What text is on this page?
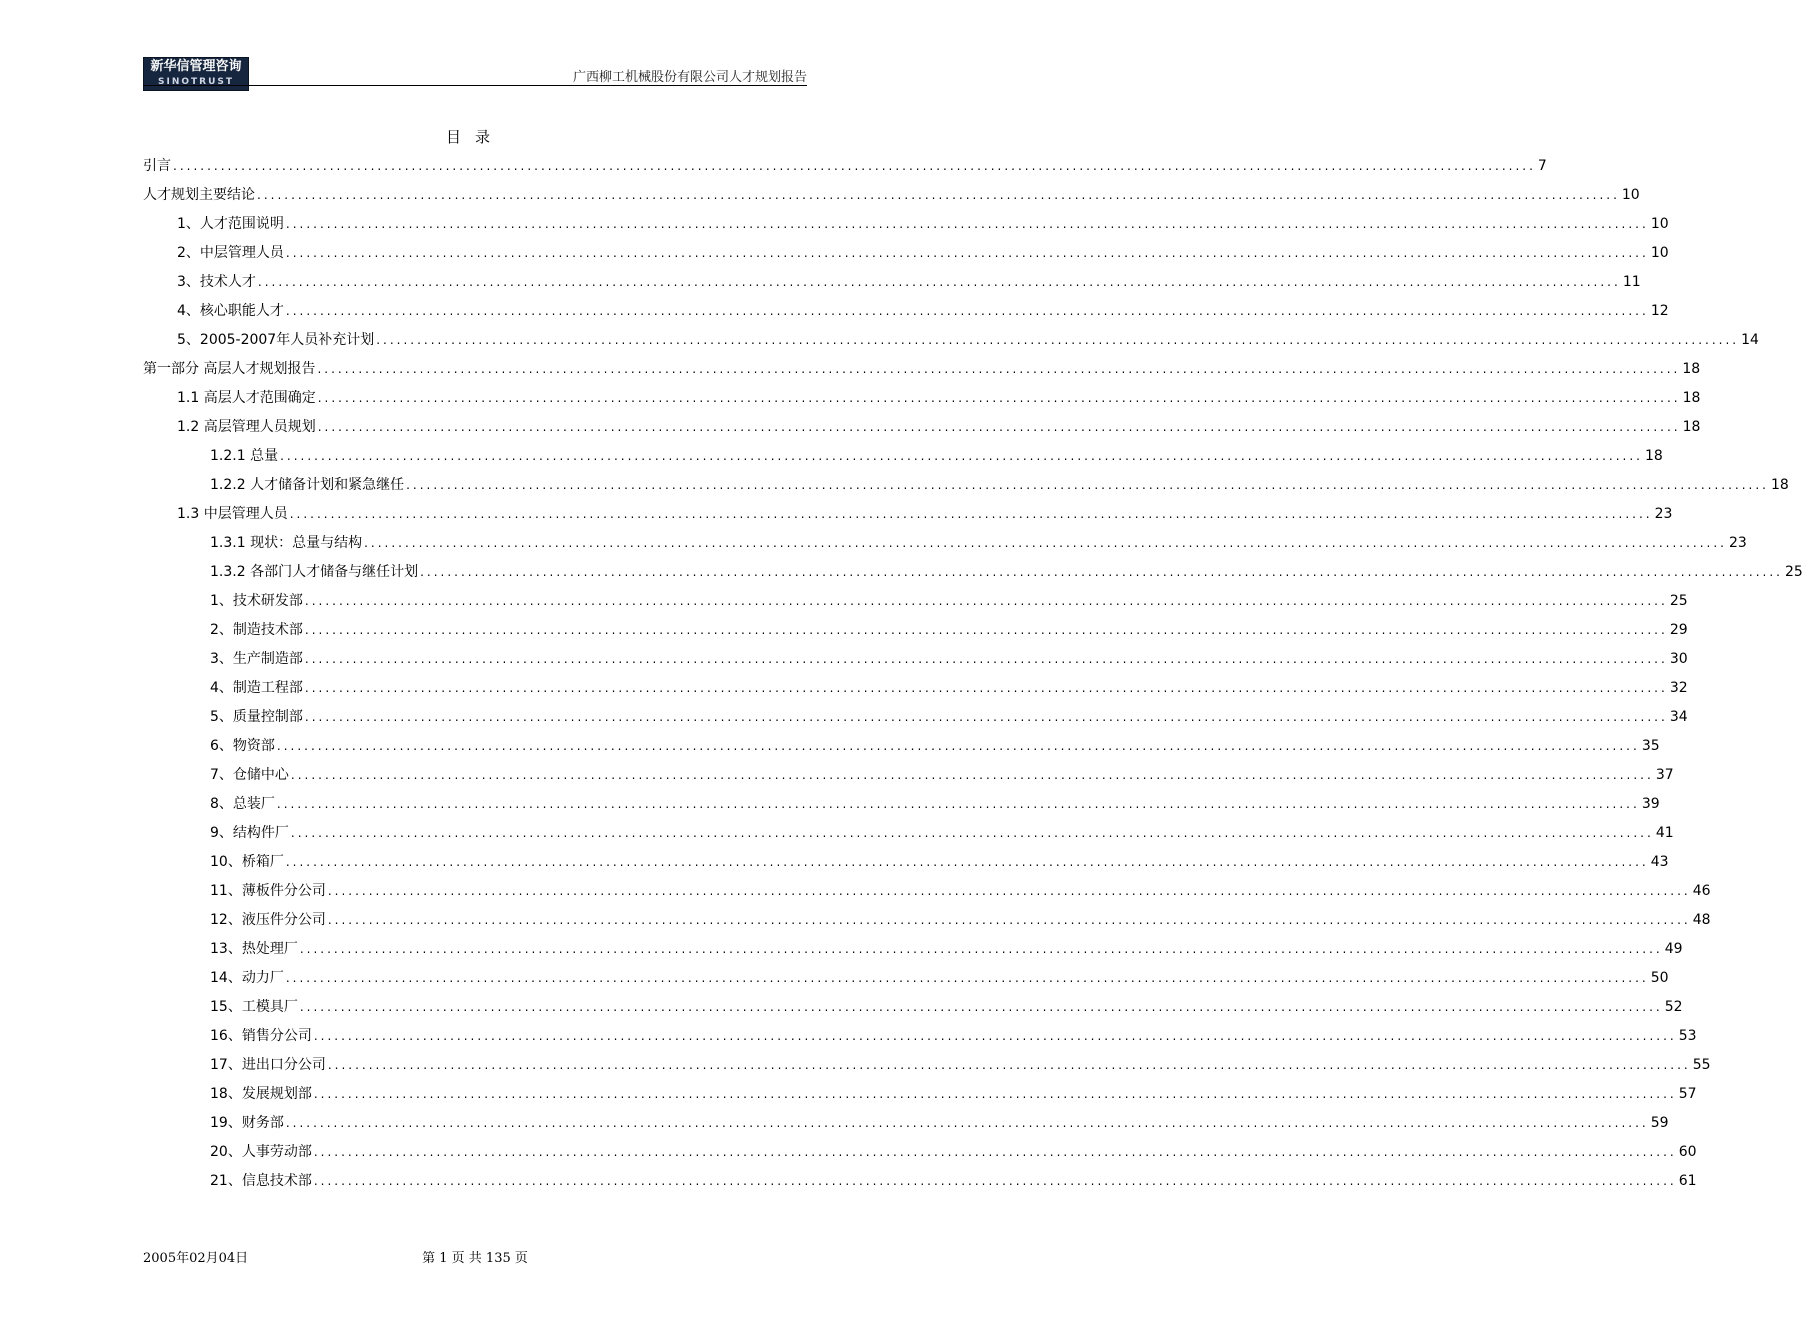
新华信管理咨询
SINOTRUST	广西柳工机械股份有限公司人才规划报告
目录
引言 ........................................................................................................................................................................................................ 7
人才规划主要结论 ........................................................................................................................................................................................................ 10
1、人才范围说明 ........................................................................................................................................................................................................ 10
2、中层管理人员 ........................................................................................................................................................................................................ 10
3、技术人才 ........................................................................................................................................................................................................ 11
4、核心职能人才 ........................................................................................................................................................................................................ 12
5、2005-2007年人员补充计划 ........................................................................................................................................................................................................ 14
第一部分 高层人才规划报告 ........................................................................................................................................................................................................ 18
1.1 高层人才范围确定 ........................................................................................................................................................................................................ 18
1.2 高层管理人员规划 ........................................................................................................................................................................................................ 18
1.2.1 总量 ........................................................................................................................................................................................................ 18
1.2.2 人才储备计划和紧急继任 ........................................................................................................................................................................................................ 18
1.3 中层管理人员 ........................................................................................................................................................................................................ 23
1.3.1 现状：总量与结构 ........................................................................................................................................................................................................ 23
1.3.2 各部门人才储备与继任计划 ........................................................................................................................................................................................................ 25
1、技术研发部 ........................................................................................................................................................................................................ 25
2、制造技术部 ........................................................................................................................................................................................................ 29
3、生产制造部 ........................................................................................................................................................................................................ 30
4、制造工程部 ........................................................................................................................................................................................................ 32
5、质量控制部 ........................................................................................................................................................................................................ 34
6、物资部 ........................................................................................................................................................................................................ 35
7、仓储中心 ........................................................................................................................................................................................................ 37
8、总装厂 ........................................................................................................................................................................................................ 39
9、结构件厂 ........................................................................................................................................................................................................ 41
10、桥箱厂 ........................................................................................................................................................................................................ 43
11、薄板件分公司 ........................................................................................................................................................................................................ 46
12、液压件分公司 ........................................................................................................................................................................................................ 48
13、热处理厂 ........................................................................................................................................................................................................ 49
14、动力厂 ........................................................................................................................................................................................................ 50
15、工模具厂 ........................................................................................................................................................................................................ 52
16、销售分公司 ........................................................................................................................................................................................................ 53
17、进出口分公司 ........................................................................................................................................................................................................ 55
18、发展规划部 ........................................................................................................................................................................................................ 57
19、财务部 ........................................................................................................................................................................................................ 59
20、人事劳动部 ........................................................................................................................................................................................................ 60
21、信息技术部 ........................................................................................................................................................................................................ 61
2005年02月04日	第 1 页 共 135 页
